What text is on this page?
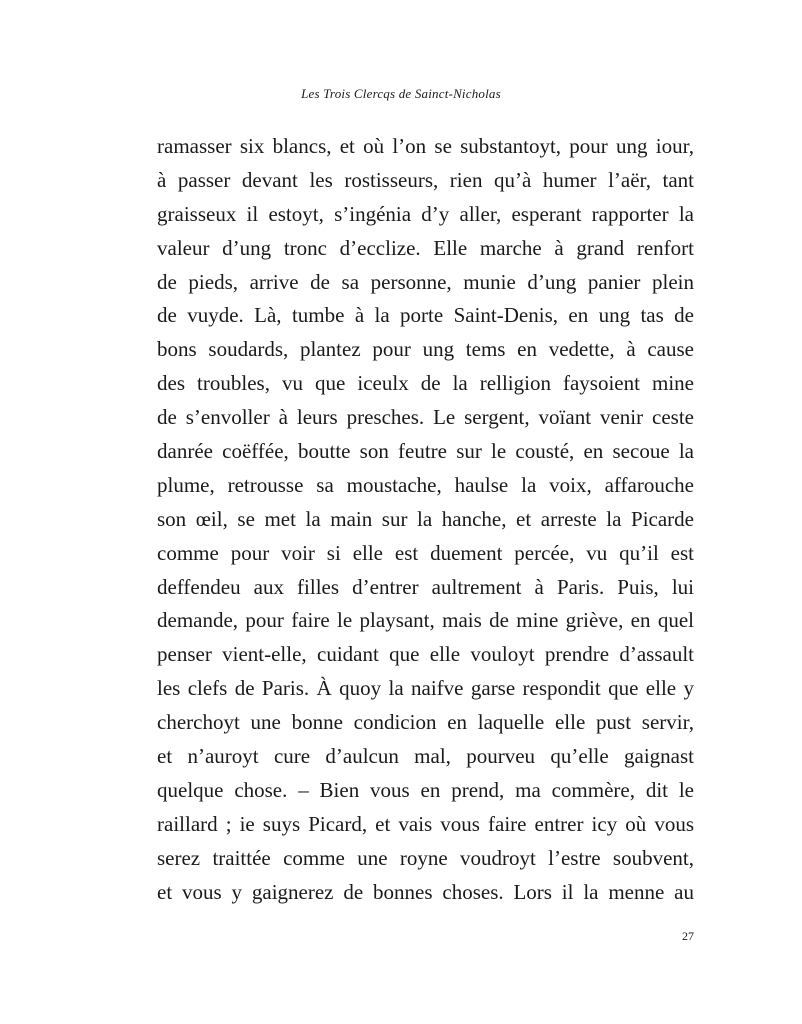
Les Trois Clercqs de Sainct-Nicholas
ramasser six blancs, et où l’on se substantoyt, pour ung iour,
à passer devant les rostisseurs, rien qu’à humer l’aër, tant
graisseux il estoyt, s’ingénia d’y aller, esperant rapporter la
valeur d’ung tronc d’ecclize. Elle marche à grand renfort
de pieds, arrive de sa personne, munie d’ung panier plein
de vuyde. Là, tumbe à la porte Saint-Denis, en ung tas de
bons soudards, plantez pour ung tems en vedette, à cause
des troubles, vu que iceulx de la relligion faysoient mine
de s’envoller à leurs presches. Le sergent, voïant venir ceste
danrée coëffée, boutte son feutre sur le cousté, en secoue la
plume, retrousse sa moustache, haulse la voix, affarouche
son œil, se met la main sur la hanche, et arreste la Picarde
comme pour voir si elle est duement percée, vu qu’il est
deffendeu aux filles d’entrer aultrement à Paris. Puis, lui
demande, pour faire le playsant, mais de mine griève, en quel
penser vient-elle, cuidant que elle vouloyt prendre d’assault
les clefs de Paris. À quoy la naifve garse respondit que elle y
cherchoyt une bonne condicion en laquelle elle pust servir,
et n’auroyt cure d’aulcun mal, pourveu qu’elle gaignast
quelque chose. – Bien vous en prend, ma commère, dit le
raillard ; ie suys Picard, et vais vous faire entrer icy où vous
serez traittée comme une royne voudroyt l’estre soubvent,
et vous y gaignerez de bonnes choses. Lors il la menne au
27
